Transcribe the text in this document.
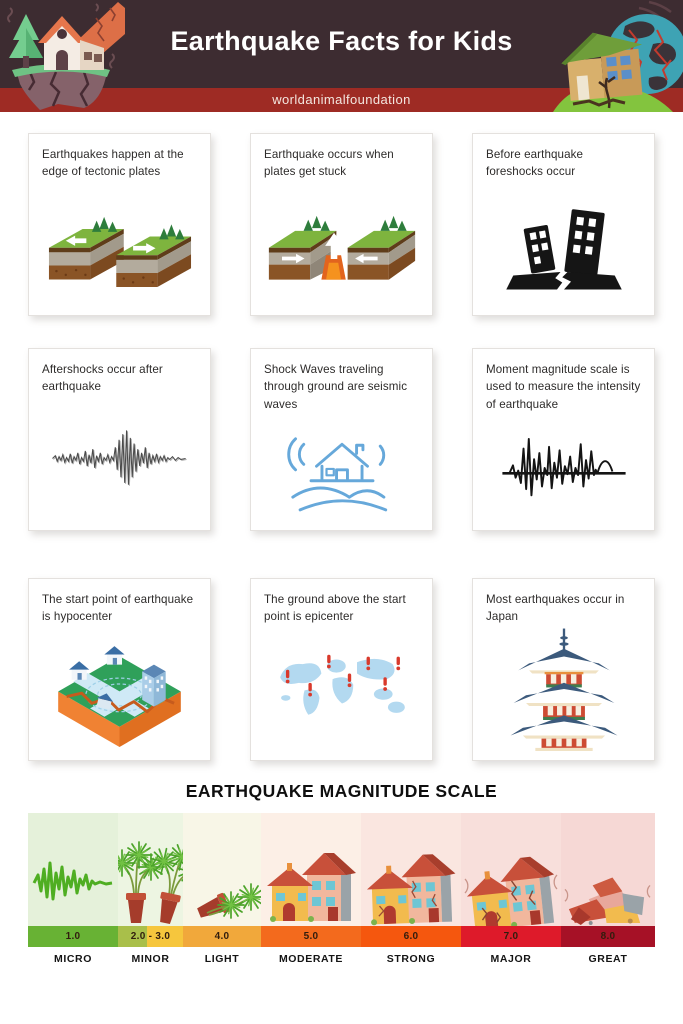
Earthquake Facts for Kids
worldanimalfoundation

Earthquakes happen at the edge of tectonic plates

Earthquake occurs when plates get stuck

Before earthquake foreshocks occur

Aftershocks occur after earthquake

Shock Waves traveling through ground are seismic waves

Moment magnitude scale is used to measure the intensity of earthquake

The start point of earthquake is hypocenter

The ground above the start point is epicenter

Most earthquakes occur in Japan

EARTHQUAKE MAGNITUDE SCALE
1.0
MICRO
2.0 - 3.0
MINOR
4.0
LIGHT
5.0
MODERATE
6.0
STRONG
7.0
MAJOR
8.0
GREAT
